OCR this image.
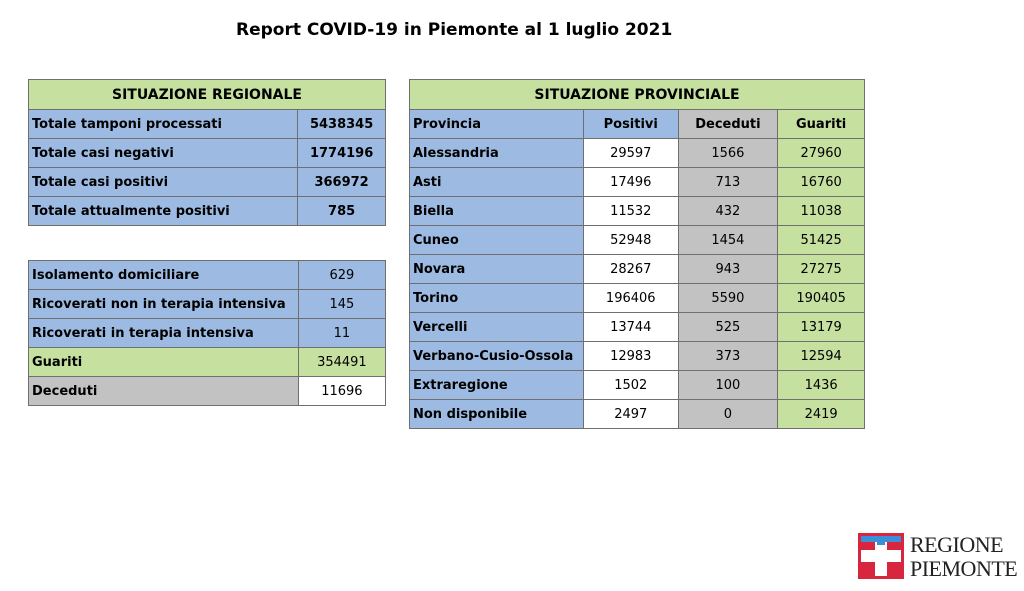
Report COVID-19 in Piemonte al 1 luglio 2021
SITUAZIONE REGIONALE	
Totale tamponi processati	5438345
Totale casi negativi	1774196
Totale casi positivi	366972
Totale attualmente positivi	785
Isolamento domiciliare	629
Ricoverati non in terapia intensiva	145
Ricoverati in terapia intensiva	11
Guariti	354491
Deceduti	11696
SITUAZIONE PROVINCIALE			
Provincia	Positivi	Deceduti	Guariti
Alessandria	29597	1566	27960
Asti	17496	713	16760
Biella	11532	432	11038
Cuneo	52948	1454	51425
Novara	28267	943	27275
Torino	196406	5590	190405
Vercelli	13744	525	13179
Verbano-Cusio-Ossola	12983	373	12594
Extraregione	1502	100	1436
Non disponibile	2497	0	2419
REGIONE
PIEMONTE
